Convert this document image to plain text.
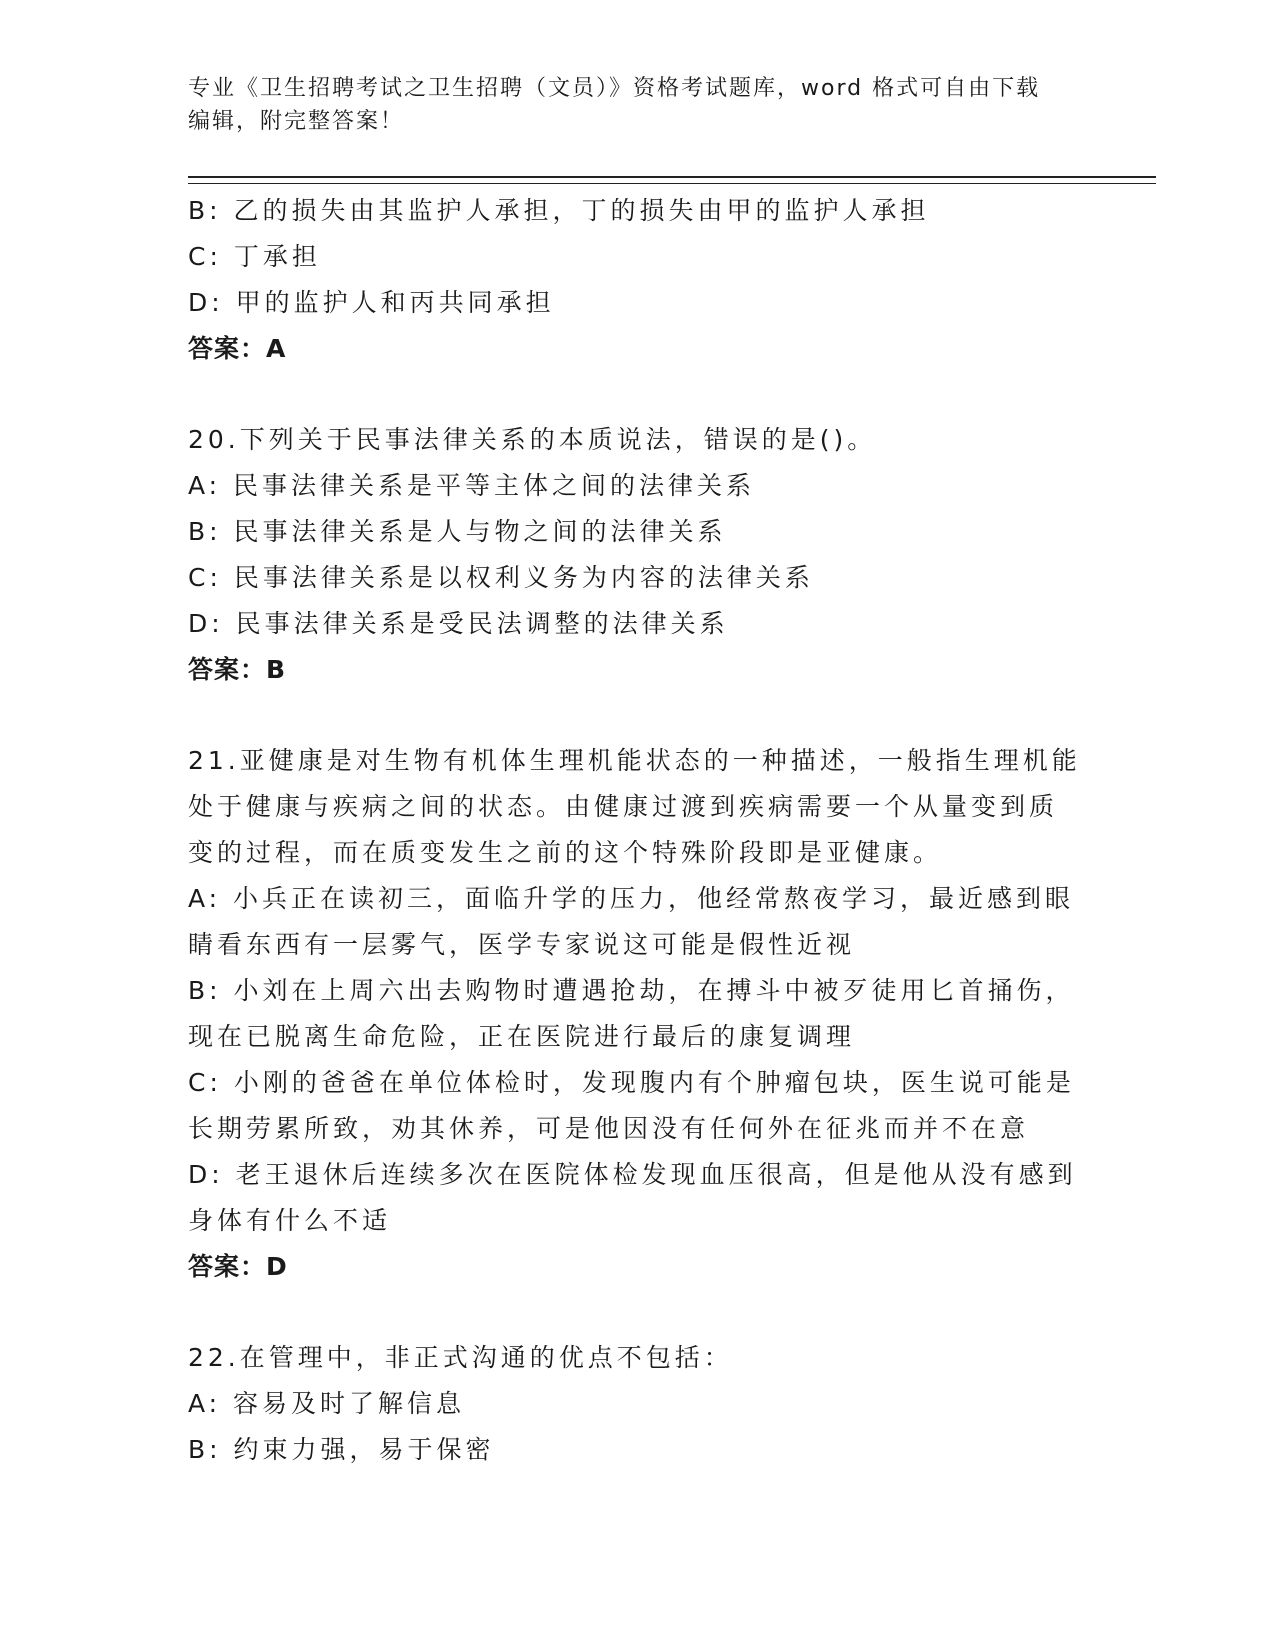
专业《卫生招聘考试之卫生招聘（文员）》资格考试题库，word 格式可自由下载
编辑，附完整答案！
B: 乙的损失由其监护人承担，丁的损失由甲的监护人承担
C: 丁承担
D: 甲的监护人和丙共同承担
答案：A
20.下列关于民事法律关系的本质说法，错误的是()。
A: 民事法律关系是平等主体之间的法律关系
B: 民事法律关系是人与物之间的法律关系
C: 民事法律关系是以权利义务为内容的法律关系
D: 民事法律关系是受民法调整的法律关系
答案：B
21.亚健康是对生物有机体生理机能状态的一种描述，一般指生理机能
处于健康与疾病之间的状态。由健康过渡到疾病需要一个从量变到质
变的过程，而在质变发生之前的这个特殊阶段即是亚健康。
A: 小兵正在读初三，面临升学的压力，他经常熬夜学习，最近感到眼
睛看东西有一层雾气，医学专家说这可能是假性近视
B: 小刘在上周六出去购物时遭遇抢劫，在搏斗中被歹徒用匕首捅伤，
现在已脱离生命危险，正在医院进行最后的康复调理
C: 小刚的爸爸在单位体检时，发现腹内有个肿瘤包块，医生说可能是
长期劳累所致，劝其休养，可是他因没有任何外在征兆而并不在意
D: 老王退休后连续多次在医院体检发现血压很高，但是他从没有感到
身体有什么不适
答案：D
22.在管理中，非正式沟通的优点不包括：
A: 容易及时了解信息
B: 约束力强，易于保密
